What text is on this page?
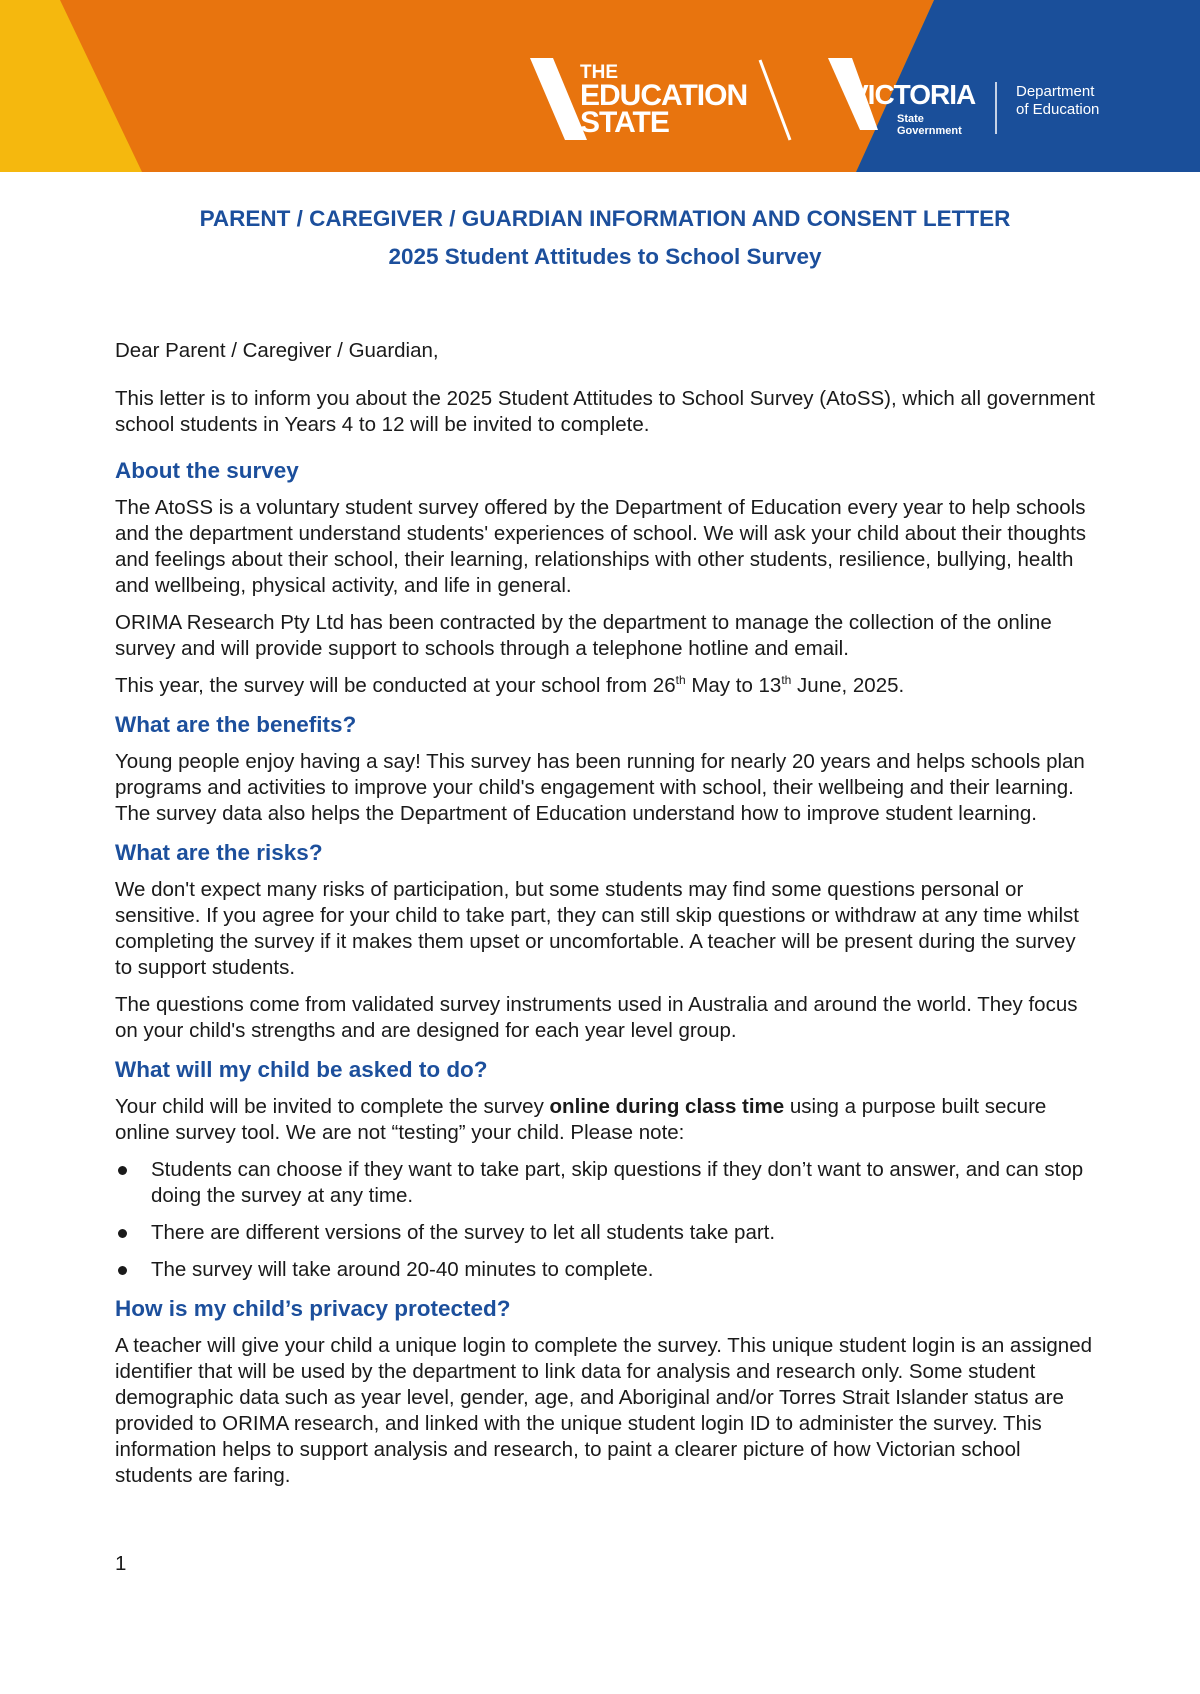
THE
EDUCATION
STATE
VICTORIA
State
Government
Department
of Education
PARENT / CAREGIVER / GUARDIAN INFORMATION AND CONSENT LETTER
2025 Student Attitudes to School Survey

Dear Parent / Caregiver / Guardian,

This letter is to inform you about the 2025 Student Attitudes to School Survey (AtoSS), which all government school students in Years 4 to 12 will be invited to complete.

About the survey

The AtoSS is a voluntary student survey offered by the Department of Education every year to help schools and the department understand students' experiences of school. We will ask your child about their thoughts and feelings about their school, their learning, relationships with other students, resilience, bullying, health and wellbeing, physical activity, and life in general.

ORIMA Research Pty Ltd has been contracted by the department to manage the collection of the online survey and will provide support to schools through a telephone hotline and email.

This year, the survey will be conducted at your school from 26th May to 13th June, 2025.

What are the benefits?

Young people enjoy having a say! This survey has been running for nearly 20 years and helps schools plan programs and activities to improve your child's engagement with school, their wellbeing and their learning. The survey data also helps the Department of Education understand how to improve student learning.

What are the risks?

We don't expect many risks of participation, but some students may find some questions personal or sensitive. If you agree for your child to take part, they can still skip questions or withdraw at any time whilst completing the survey if it makes them upset or uncomfortable. A teacher will be present during the survey to support students.

The questions come from validated survey instruments used in Australia and around the world. They focus on your child's strengths and are designed for each year level group.

What will my child be asked to do?

Your child will be invited to complete the survey online during class time using a purpose built secure online survey tool. We are not “testing” your child. Please note:

Students can choose if they want to take part, skip questions if they don’t want to answer, and can stop doing the survey at any time.
There are different versions of the survey to let all students take part.
The survey will take around 20-40 minutes to complete.
How is my child’s privacy protected?

A teacher will give your child a unique login to complete the survey. This unique student login is an assigned identifier that will be used by the department to link data for analysis and research only. Some student demographic data such as year level, gender, age, and Aboriginal and/or Torres Strait Islander status are provided to ORIMA research, and linked with the unique student login ID to administer the survey. This information helps to support analysis and research, to paint a clearer picture of how Victorian school students are faring.

1
